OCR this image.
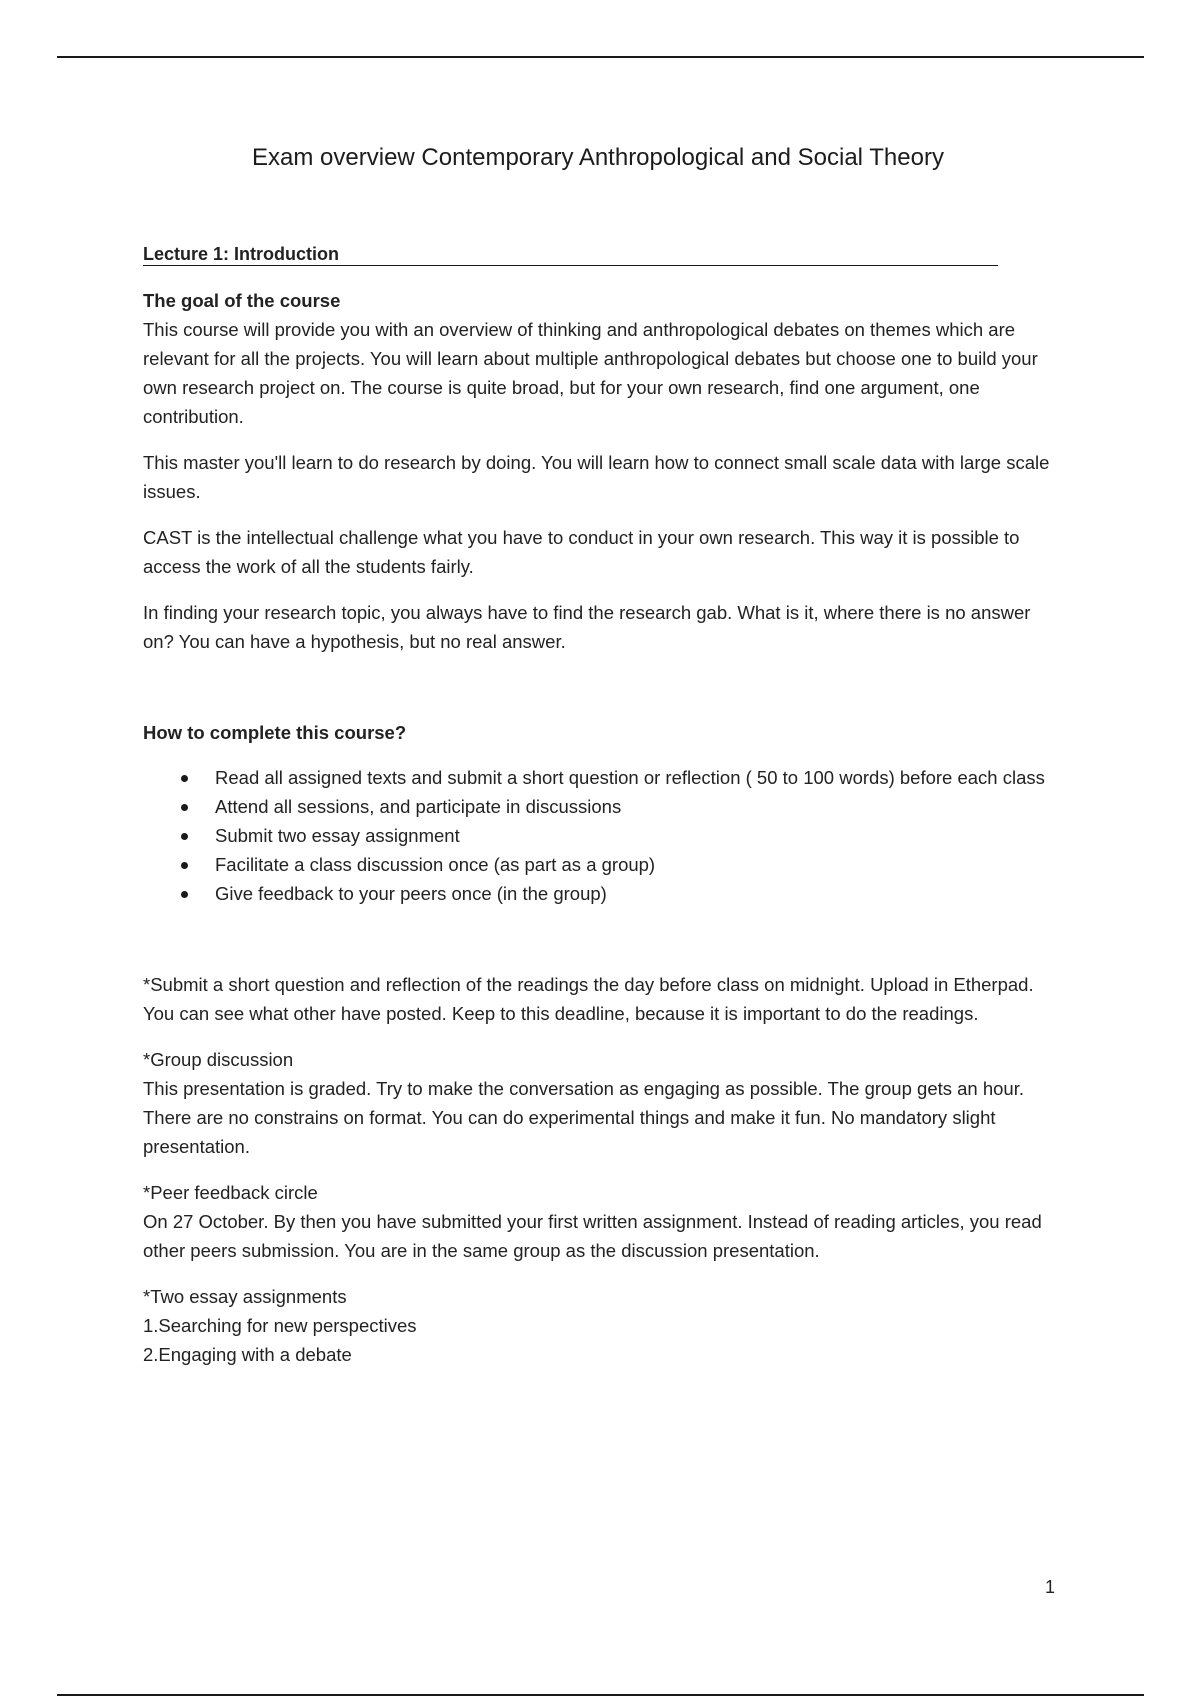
Exam overview Contemporary Anthropological and Social Theory
Lecture 1: Introduction
The goal of the course

This course will provide you with an overview of thinking and anthropological debates on themes which are relevant for all the projects. You will learn about multiple anthropological debates but choose one to build your own research project on. The course is quite broad, but for your own research, find one argument, one contribution.

This master you'll learn to do research by doing. You will learn how to connect small scale data with large scale issues.

CAST is the intellectual challenge what you have to conduct in your own research. This way it is possible to access the work of all the students fairly.

In finding your research topic, you always have to find the research gab. What is it, where there is no answer on? You can have a hypothesis, but no real answer.

How to complete this course?
Read all assigned texts and submit a short question or reflection ( 50 to 100 words) before each class
Attend all sessions, and participate in discussions
Submit two essay assignment
Facilitate a class discussion once (as part as a group)
Give feedback to your peers once (in the group)

*Submit a short question and reflection of the readings the day before class on midnight. Upload in Etherpad. You can see what other have posted. Keep to this deadline, because it is important to do the readings.

*Group discussion
This presentation is graded. Try to make the conversation as engaging as possible. The group gets an hour. There are no constrains on format. You can do experimental things and make it fun. No mandatory slight presentation.
*Peer feedback circle
On 27 October. By then you have submitted your first written assignment. Instead of reading articles, you read other peers submission. You are in the same group as the discussion presentation.
*Two essay assignments
1.Searching for new perspectives
2.Engaging with a debate
1
